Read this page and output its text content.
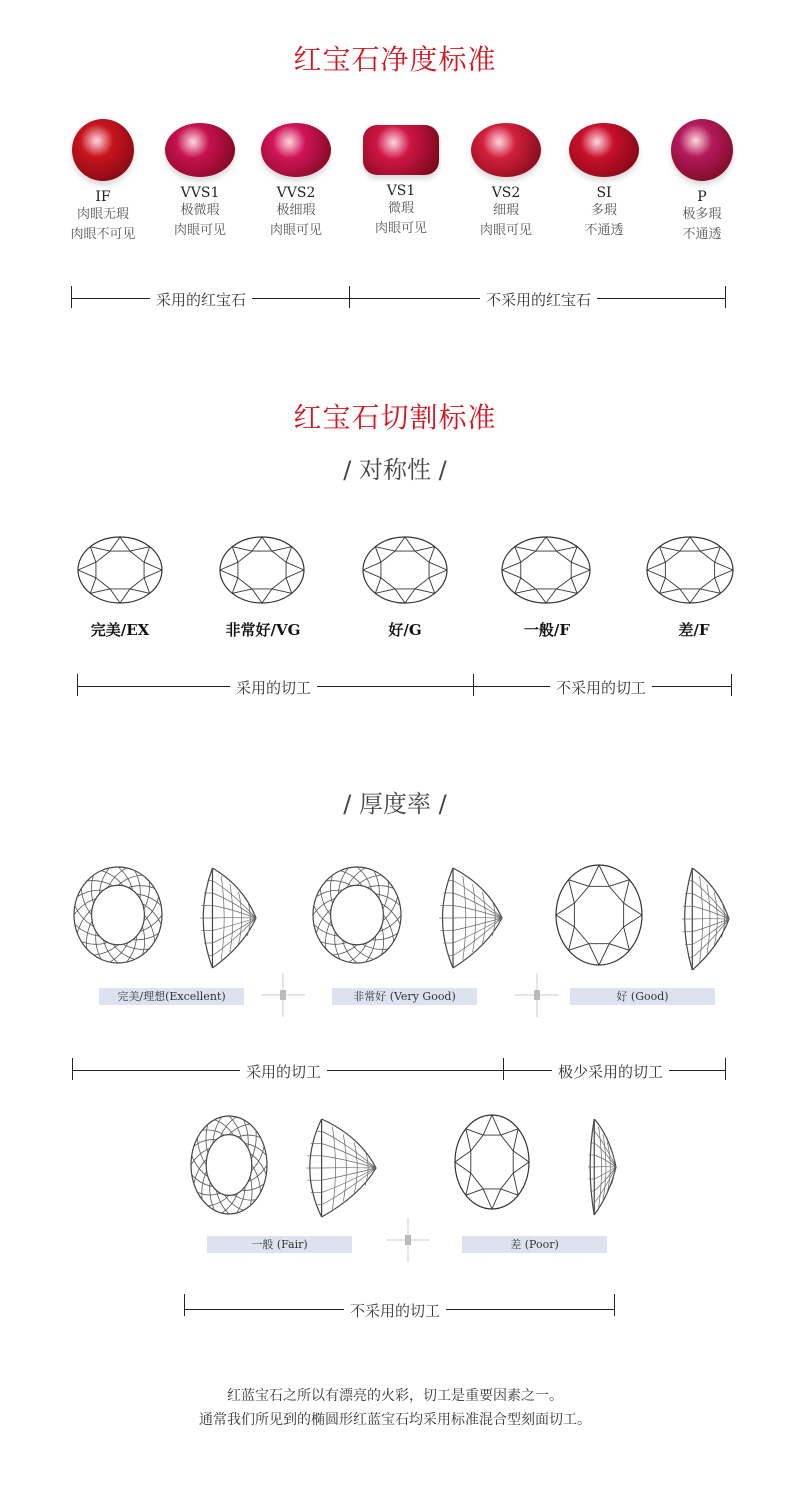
红宝石净度标准
IF
肉眼无瑕
肉眼不可见
VVS1
极微瑕
肉眼可见
VVS2
极细瑕
肉眼可见
VS1
微瑕
肉眼可见
VS2
细瑕
肉眼可见
SI
多瑕
不通透
P
极多瑕
不通透
采用的红宝石	不采用的红宝石
红宝石切割标准
/ 对称性 /
完美/EX	非常好/VG	好/G	一般/F	差/F
采用的切工	不采用的切工
/ 厚度率 /
完美/理想(Excellent)	非常好 (Very Good)	好 (Good)
采用的切工	极少采用的切工
一般 (Fair)	差 (Poor)
不采用的切工
红蓝宝石之所以有漂亮的火彩，切工是重要因素之一。
通常我们所见到的椭圆形红蓝宝石均采用标准混合型刻面切工。
